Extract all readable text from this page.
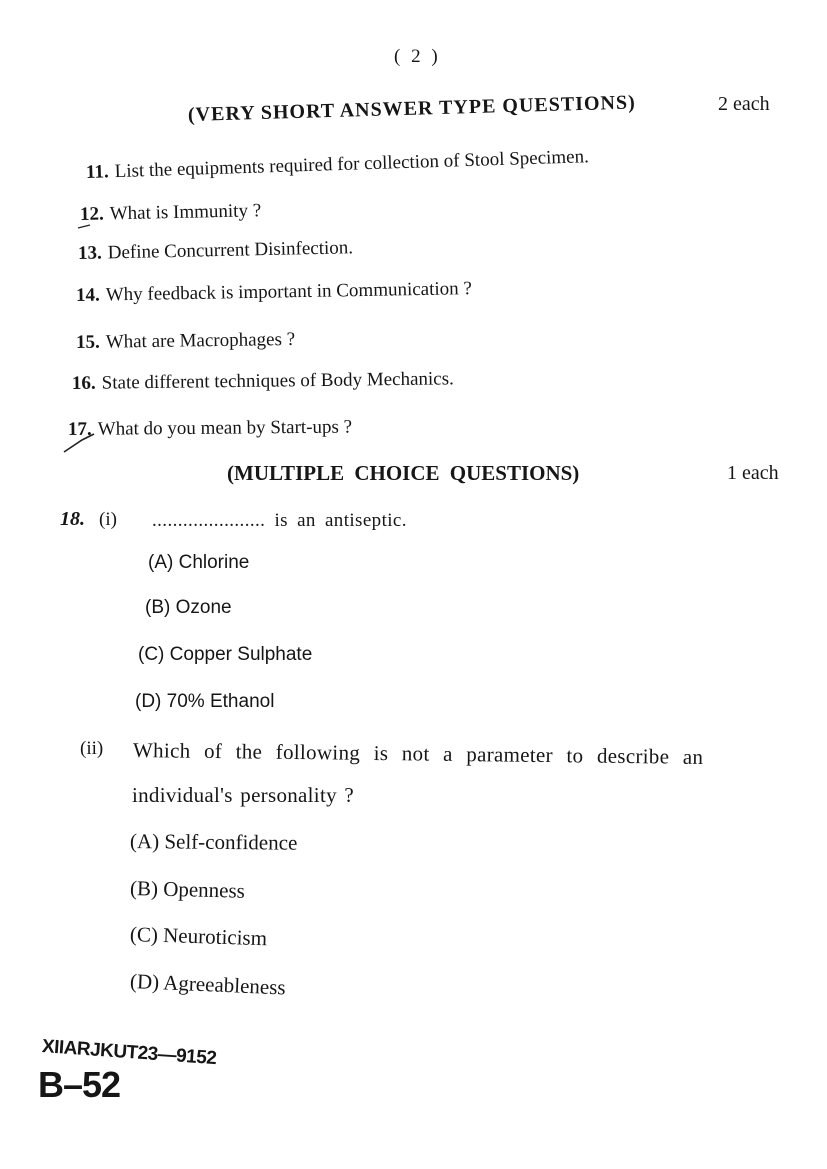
( 2 )
(VERY SHORT ANSWER TYPE QUESTIONS)	2 each
11. List the equipments required for collection of Stool Specimen.
12. What is Immunity ?
13. Define Concurrent Disinfection.
14. Why feedback is important in Communication ?
15. What are Macrophages ?
16. State different techniques of Body Mechanics.
17. What do you mean by Start-ups ?
(MULTIPLE CHOICE QUESTIONS)	1 each
18. (i) ...................... is an antiseptic.
(A) Chlorine
(B) Ozone
(C) Copper Sulphate
(D) 70% Ethanol
(ii) Which of the following is not a parameter to describe an
individual's personality ?
(A) Self-confidence
(B) Openness
(C) Neuroticism
(D) Agreeableness
XIIARJKUT23—9152
B–52
